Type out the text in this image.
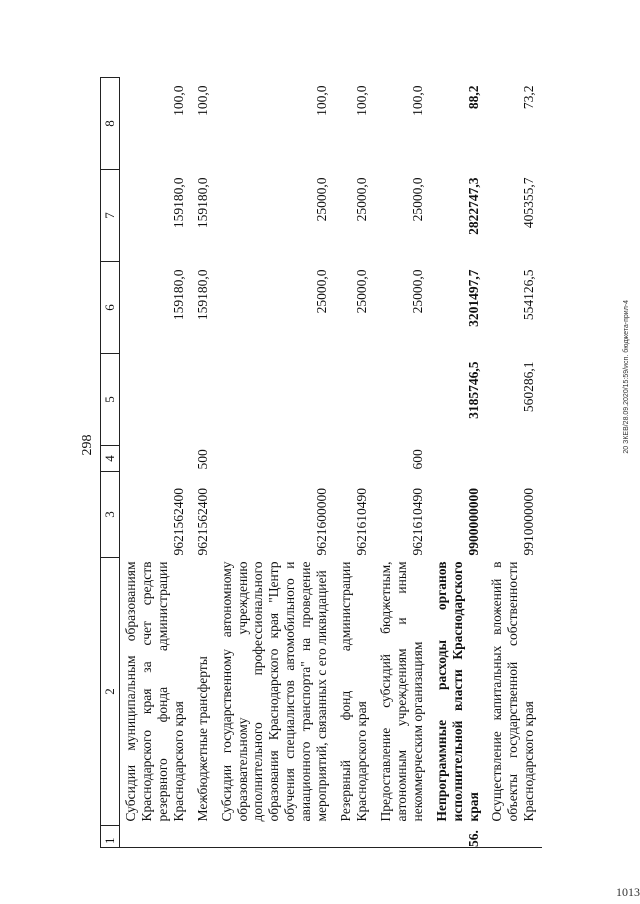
298
1	2	3	4	5	6	7	8
	Субсидии муниципальным образованиям Краснодарского края за счет средств резервного фонда администрации Краснодарского края	9621562400			159180,0	159180,0	100,0
	Межбюджетные трансферты	9621562400	500		159180,0	159180,0	100,0
	Субсидии государственному автономному образовательному учреждению дополнительного профессионального образования Краснодарского края "Центр обучения специалистов автомобильного и авиационного транспорта" на проведение мероприятий, связанных с его ликвидацией	9621600000			25000,0	25000,0	100,0
	Резервный фонд администрации Краснодарского края	9621610490			25000,0	25000,0	100,0
	Предоставление субсидий бюджетным, автономным учреждениям и иным некоммерческим организациям	9621610490	600		25000,0	25000,0	100,0
56.	Непрограммные расходы органов исполнительной власти Краснодарского края	9900000000		3185746,5	3201497,7	2822747,3	88,2
	Осуществление капитальных вложений в объекты государственной собственности Краснодарского края	9910000000		560286,1	554126,5	405355,7	73,2
20 ЗКЕВ/28.09.2020/15:59/исп. бюджета-прил-4
1013
